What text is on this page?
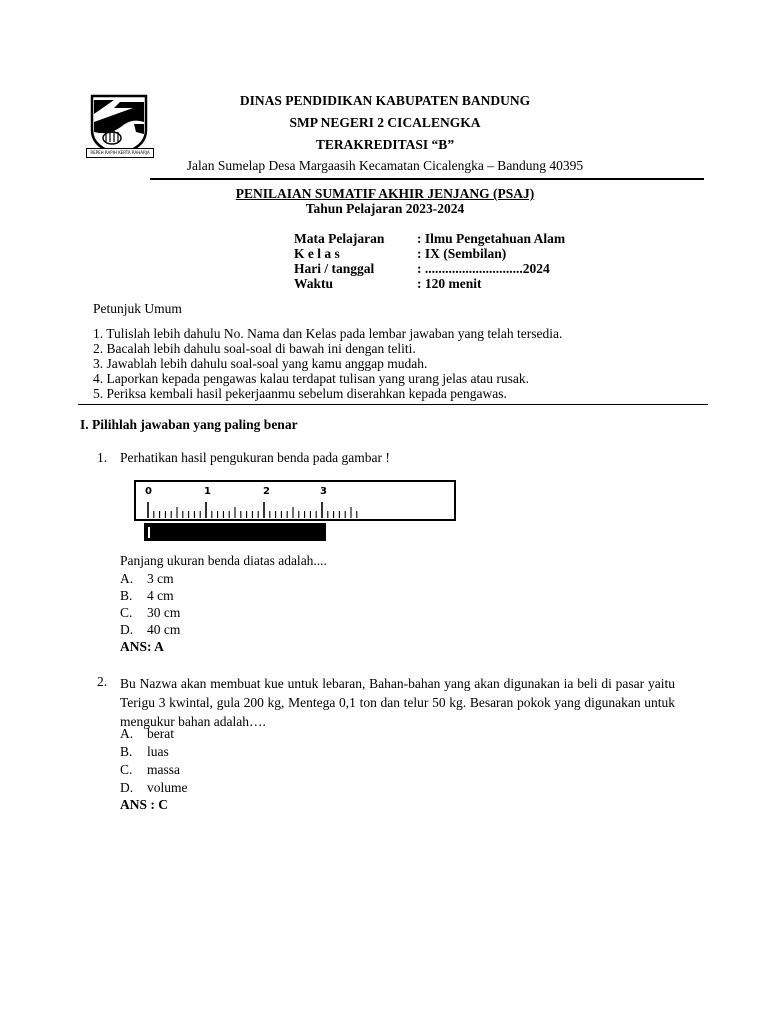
REPEH RAPIH KERTA RAHARJA
DINAS PENDIDIKAN KABUPATEN BANDUNG
SMP NEGERI 2 CICALENGKA
TERAKREDITASI “B”
Jalan Sumelap Desa Margaasih Kecamatan Cicalengka – Bandung 40395
PENILAIAN SUMATIF AKHIR JENJANG (PSAJ)
Tahun Pelajaran 2023-2024
Mata Pelajaran	: Ilmu Pengetahuan Alam
K e l a s	: IX (Sembilan)
Hari / tanggal	: .............................2024
Waktu	: 120 menit
Petunjuk Umum
1. Tulislah lebih dahulu No. Nama dan Kelas pada lembar jawaban yang telah tersedia.
2. Bacalah lebih dahulu soal-soal di bawah ini dengan teliti.
3. Jawablah lebih dahulu soal-soal yang kamu anggap mudah.
4. Laporkan kepada pengawas kalau terdapat tulisan yang urang jelas atau rusak.
5. Periksa kembali hasil pekerjaanmu sebelum diserahkan kepada pengawas.
I. Pilihlah jawaban yang paling benar
1. Perhatikan hasil pengukuran benda pada gambar !
0	1	2	3
Panjang ukuran benda diatas adalah....
A. 3 cm
B. 4 cm
C. 30 cm
D. 40 cm
ANS: A
2. Bu Nazwa akan membuat kue untuk lebaran, Bahan-bahan yang akan digunakan ia beli di pasar yaitu Terigu 3 kwintal, gula 200 kg, Mentega 0,1 ton dan telur 50 kg. Besaran pokok yang digunakan untuk mengukur bahan adalah….
A. berat
B. luas
C. massa
D. volume
ANS : C
